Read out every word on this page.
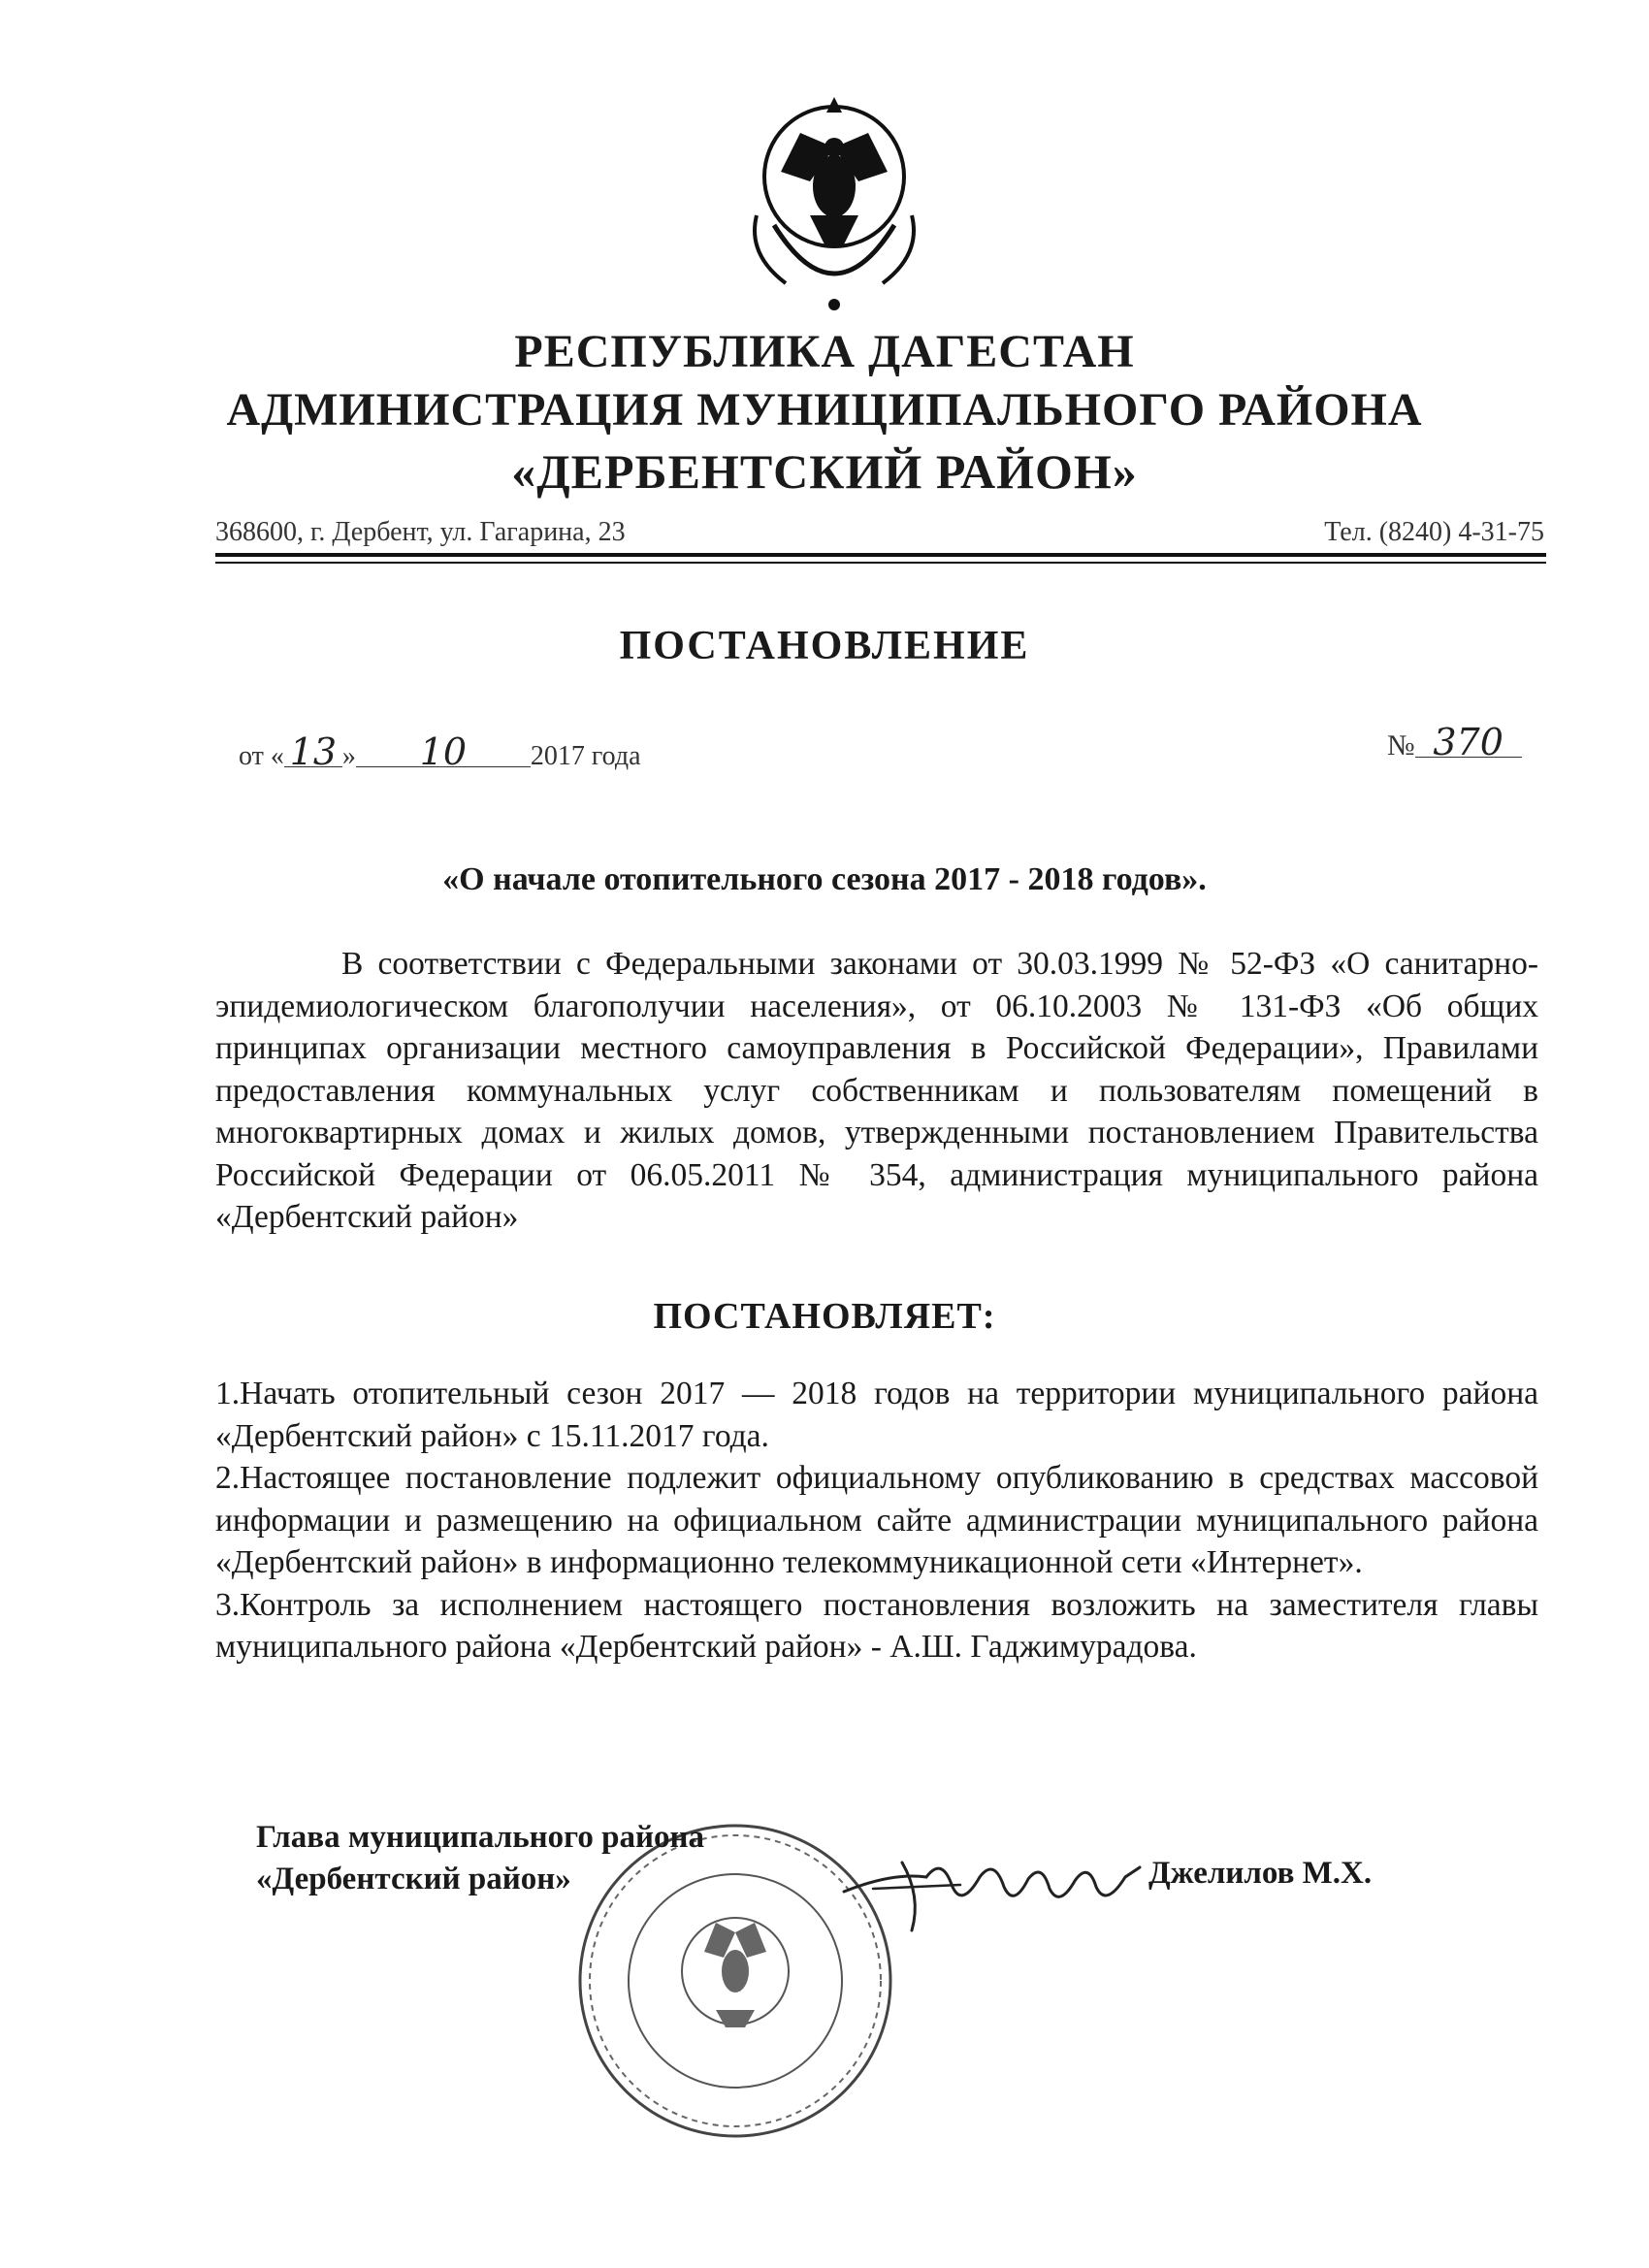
РЕСПУБЛИКА ДАГЕСТАН
АДМИНИСТРАЦИЯ МУНИЦИПАЛЬНОГО РАЙОНА
«ДЕРБЕНТСКИЙ РАЙОН»
368600, г. Дербент, ул. Гагарина, 23	Тел. (8240) 4-31-75
ПОСТАНОВЛЕНИЕ
от « 13 » 10 2017 года	№ 370
«О начале отопительного сезона 2017 - 2018 годов».
В соответствии с Федеральными законами от 30.03.1999 № 52-ФЗ «О санитарно-эпидемиологическом благополучии населения», от 06.10.2003 № 131-ФЗ «Об общих принципах организации местного самоуправления в Российской Федерации», Правилами предоставления коммунальных услуг собственникам и пользователям помещений в многоквартирных домах и жилых домов, утвержденными постановлением Правительства Российской Федерации от 06.05.2011 № 354, администрация муниципального района «Дербентский район»
ПОСТАНОВЛЯЕТ:

1.Начать отопительный сезон 2017 — 2018 годов на территории муниципального района «Дербентский район» с 15.11.2017 года.

2.Настоящее постановление подлежит официальному опубликованию в средствах массовой информации и размещению на официальном сайте администрации муниципального района «Дербентский район» в информационно телекоммуникационной сети «Интернет».

3.Контроль за исполнением настоящего постановления возложить на заместителя главы муниципального района «Дербентский район» - А.Ш. Гаджимурадова.

Глава муниципального района
«Дербентский район»	Джелилов М.Х.
